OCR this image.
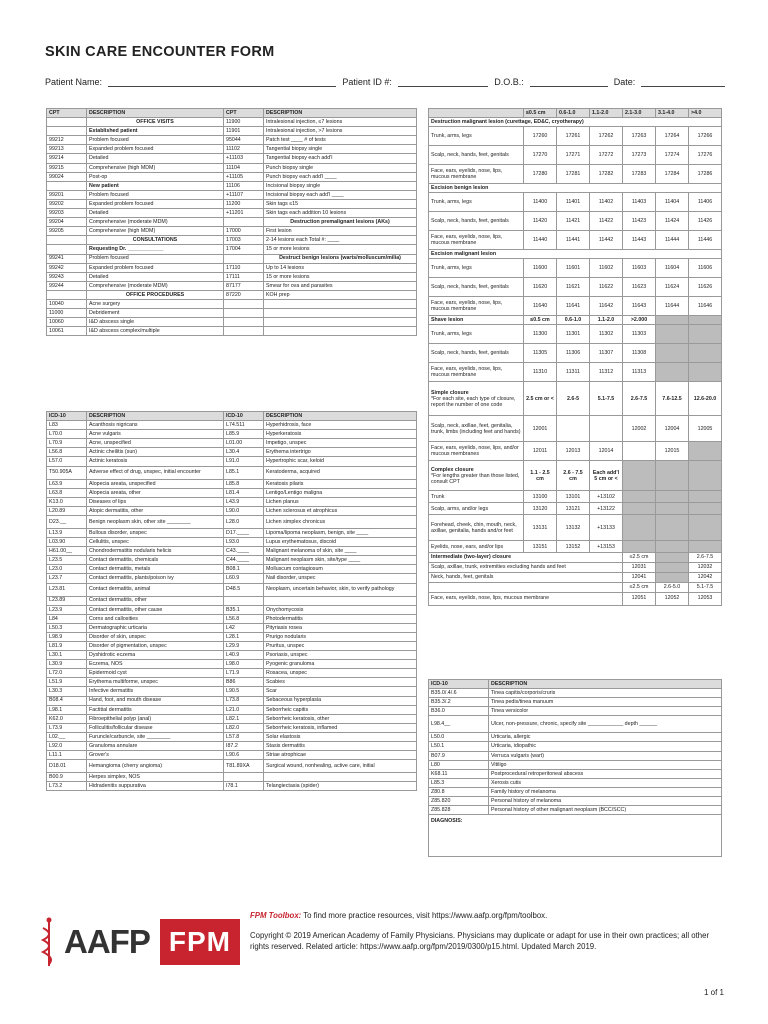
SKIN CARE ENCOUNTER FORM
Patient Name:	Patient ID #:	D.O.B.:	Date:
CPT	DESCRIPTION	CPT	DESCRIPTION
	OFFICE VISITS	11900	Intralesional injection, ≤7 lesions
	Established patient	11901	Intralesional injection, >7 lesions
99212	Problem focused	95044	Patch test ____ # of tests
99213	Expanded problem focused	11102	Tangential biopsy single
99214	Detailed	+11103	Tangential biopsy each add'l
99215	Comprehensive (high MDM)	11104	Punch biopsy single
99024	Post-op	+11105	Punch biopsy each add'l ____
	New patient	11106	Incisional biopsy single
99201	Problem focused	+11107	Incisional biopsy each add'l ____
99202	Expanded problem focused	11200	Skin tags ≤15
99203	Detailed	+11201	Skin tags each addition 10 lesions
99204	Comprehensive (moderate MDM)		Destruction premalignant lesions (AKs)
99205	Comprehensive (high MDM)	17000	First lesion
	CONSULTATIONS	17003	2-14 lesions each Total #: ____
	Requesting Dr. ____________	17004	15 or more lesions
99241	Problem focused		Destruct benign lesions (warts/molluscum/milia)
99242	Expanded problem focused	17110	Up to 14 lesions
99243	Detailed	17111	15 or more lesions
99244	Comprehensive (moderate MDM)	87177	Smear for ova and parasites
	OFFICE PROCEDURES	87220	KOH prep
10040	Acne surgery		
11000	Debridement		
10060	I&D abscess single		
10061	I&D abscess complex/multiple		
ICD-10	DESCRIPTION	ICD-10	DESCRIPTION
L83	Acanthosis nigricans	L74.511	Hyperhidrosis, face
L70.0	Acne vulgaris	L85.9	Hyperkeratosis
L70.9	Acne, unspecified	L01.00	Impetigo, unspec
L56.8	Actinic cheilitis (sun)	L30.4	Erythema intertrigo
L57.0	Actinic keratosis	L91.0	Hypertrophic scar, keloid
T50.905A	Adverse effect of drug, unspec, initial encounter	L85.1	Keratoderma, acquired
L63.9	Alopecia areata, unspecified	L85.8	Keratosis pilaris
L63.8	Alopecia areata, other	L81.4	Lentigo/Lentigo maligna
K13.0	Diseases of lips	L43.9	Lichen planus
L20.89	Atopic dermatitis, other	L90.0	Lichen sclerosus et atrophicus
D23.__	Benign neoplasm skin, other site ________	L28.0	Lichen simplex chronicus
L13.9	Bullous disorder, unspec	D17.____	Lipoma/lipoma neoplasm, benign, site ____
L03.90	Cellulitis, unspec	L93.0	Lupus erythematosus, discoid
H61.00__	Chondrodermatitis nodularis helicis	C43.____	Malignant melanoma of skin, site ____
L23.5	Contact dermatitis, chemicals	C44.____	Malignant neoplasm skin, site/type ____
L23.0	Contact dermatitis, metals	B08.1	Molluscum contagiosum
L23.7	Contact dermatitis, plants/poison ivy	L60.9	Nail disorder, unspec
L23.81	Contact dermatitis, animal	D48.5	Neoplasm, uncertain behavior, skin, to verify pathology
L23.89	Contact dermatitis, other		
L23.9	Contact dermatitis, other cause	B35.1	Onychomycosis
L84	Corns and callosities	L56.8	Photodermatitis
L50.3	Dermatographic urticaria	L42	Pityriasis rosea
L98.9	Disorder of skin, unspec	L28.1	Prurigo nodularis
L81.9	Disorder of pigmentation, unspec	L29.9	Pruritus, unspec
L30.1	Dyshidrotic eczema	L40.9	Psoriasis, unspec
L30.9	Eczema, NOS	L98.0	Pyogenic granuloma
L72.0	Epidermoid cyst	L71.9	Rosacea, unspec
L51.9	Erythema multiforme, unspec	B86	Scabies
L30.3	Infective dermatitis	L90.5	Scar
B08.4	Hand, foot, and mouth disease	L73.8	Sebaceous hyperplasia
L98.1	Factitial dermatitis	L21.0	Seborrheic capitis
K62.0	Fibroepithelial polyp (anal)	L82.1	Seborrheic keratosis, other
L73.9	Folliculitis/follicular disease	L82.0	Seborrheic keratosis, inflamed
L02.__	Furuncle/carbuncle, site ________	L57.8	Solar elastosis
L92.0	Granuloma annulare	I87.2	Stasis dermatitis
L11.1	Grover's	L90.6	Striae atrophicae
D18.01	Hemangioma (cherry angioma)	T81.89XA	Surgical wound, nonhealing, active care, initial
B00.9	Herpes simplex, NOS		
L73.2	Hidradenitis suppurativa	I78.1	Telangiectasia (spider)
	≤0.5 cm	0.6-1.0	1.1-2.0	2.1-3.0	3.1-4.0	>4.0
Destruction malignant lesion (curettage, ED&C, cryotherapy)						
Trunk, arms, legs	17260	17261	17262	17263	17264	17266
Scalp, neck, hands, feet, genitals	17270	17271	17272	17273	17274	17276
Face, ears, eyelids, nose, lips, mucous membrane	17280	17281	17282	17283	17284	17286
Excision benign lesion						
Trunk, arms, legs	11400	11401	11402	11403	11404	11406
Scalp, neck, hands, feet, genitals	11420	11421	11422	11423	11424	11426
Face, ears, eyelids, nose, lips, mucous membrane	11440	11441	11442	11443	11444	11446
Excision malignant lesion						
Trunk, arms, legs	11600	11601	11602	11603	11604	11606
Scalp, neck, hands, feet, genitals	11620	11621	11622	11623	11624	11626
Face, ears, eyelids, nose, lips, mucous membrane	11640	11641	11642	11643	11644	11646
Shave lesion	≤0.5 cm	0.6-1.0	1.1-2.0	>2.000		
Trunk, arms, legs	11300	11301	11302	11303		
Scalp, neck, hands, feet, genitals	11305	11306	11307	11308		
Face, ears, eyelids, nose, lips, mucous membrane	11310	11311	11312	11313		

Simple closure
*For each site, each type of closure, report the number of one code	2.5 cm or <	2.6-5	5.1-7.5	2.6-7.5	7.6-12.5	12.6-20.0
Scalp, neck, axillae, feet, genitalia, trunk, limbs (including feet and hands)	12001			12002	12004	12005
Face, ears, eyelids, nose, lips, and/or mucous membranes	12011	12013	12014		12015	

Complex closure
*For lengths greater than those listed, consult CPT	1.1 - 2.5 cm	2.6 - 7.5 cm	Each add'l 5 cm or <			
Trunk	13100	13101	+13102			
Scalp, arms, and/or legs	13120	13121	+13122			
Forehead, cheek, chin, mouth, neck, axillae, genitalia, hands and/or feet	13131	13132	+13133			
Eyelids, nose, ears, and/or lips	13151	13152	+13153			
Intermediate (two-layer) closure				≤2.5 cm		2.6-7.5
Scalp, axillae, trunk, extremities excluding hands and feet				12031		12032
Neck, hands, feet, genitals				12041		12042
				≤2.5 cm	2.6-5.0	5.1-7.5
Face, ears, eyelids, nose, lips, mucous membrane				12051	12052	12053
ICD-10	DESCRIPTION
B35.0/.4/.6	Tinea capitis/corporis/cruris
B35.3/.2	Tinea pedis/tinea manuum
B36.0	Tinea versicolor
L98.4__	Ulcer, non-pressure, chronic, specify site ____________ depth ______
L50.0	Urticaria, allergic
L50.1	Urticaria, idiopathic
B07.9	Verruca vulgaris (wart)
L80	Vitiligo
K68.11	Postprocedural retroperitoneal abscess
L85.3	Xerosis cutis
Z80.8	Family history of melanoma
Z85.820	Personal history of melanoma
Z85.828	Personal history of other malignant neoplasm (BCC/SCC)
DIAGNOSIS:	
AAFP FPM
FPM Toolbox: To find more practice resources, visit https://www.aafp.org/fpm/toolbox.
Copyright © 2019 American Academy of Family Physicians. Physicians may duplicate or adapt for use in their own practices; all other rights reserved. Related article: https://www.aafp.org/fpm/2019/0300/p15.html. Updated March 2019.
1 of 1
